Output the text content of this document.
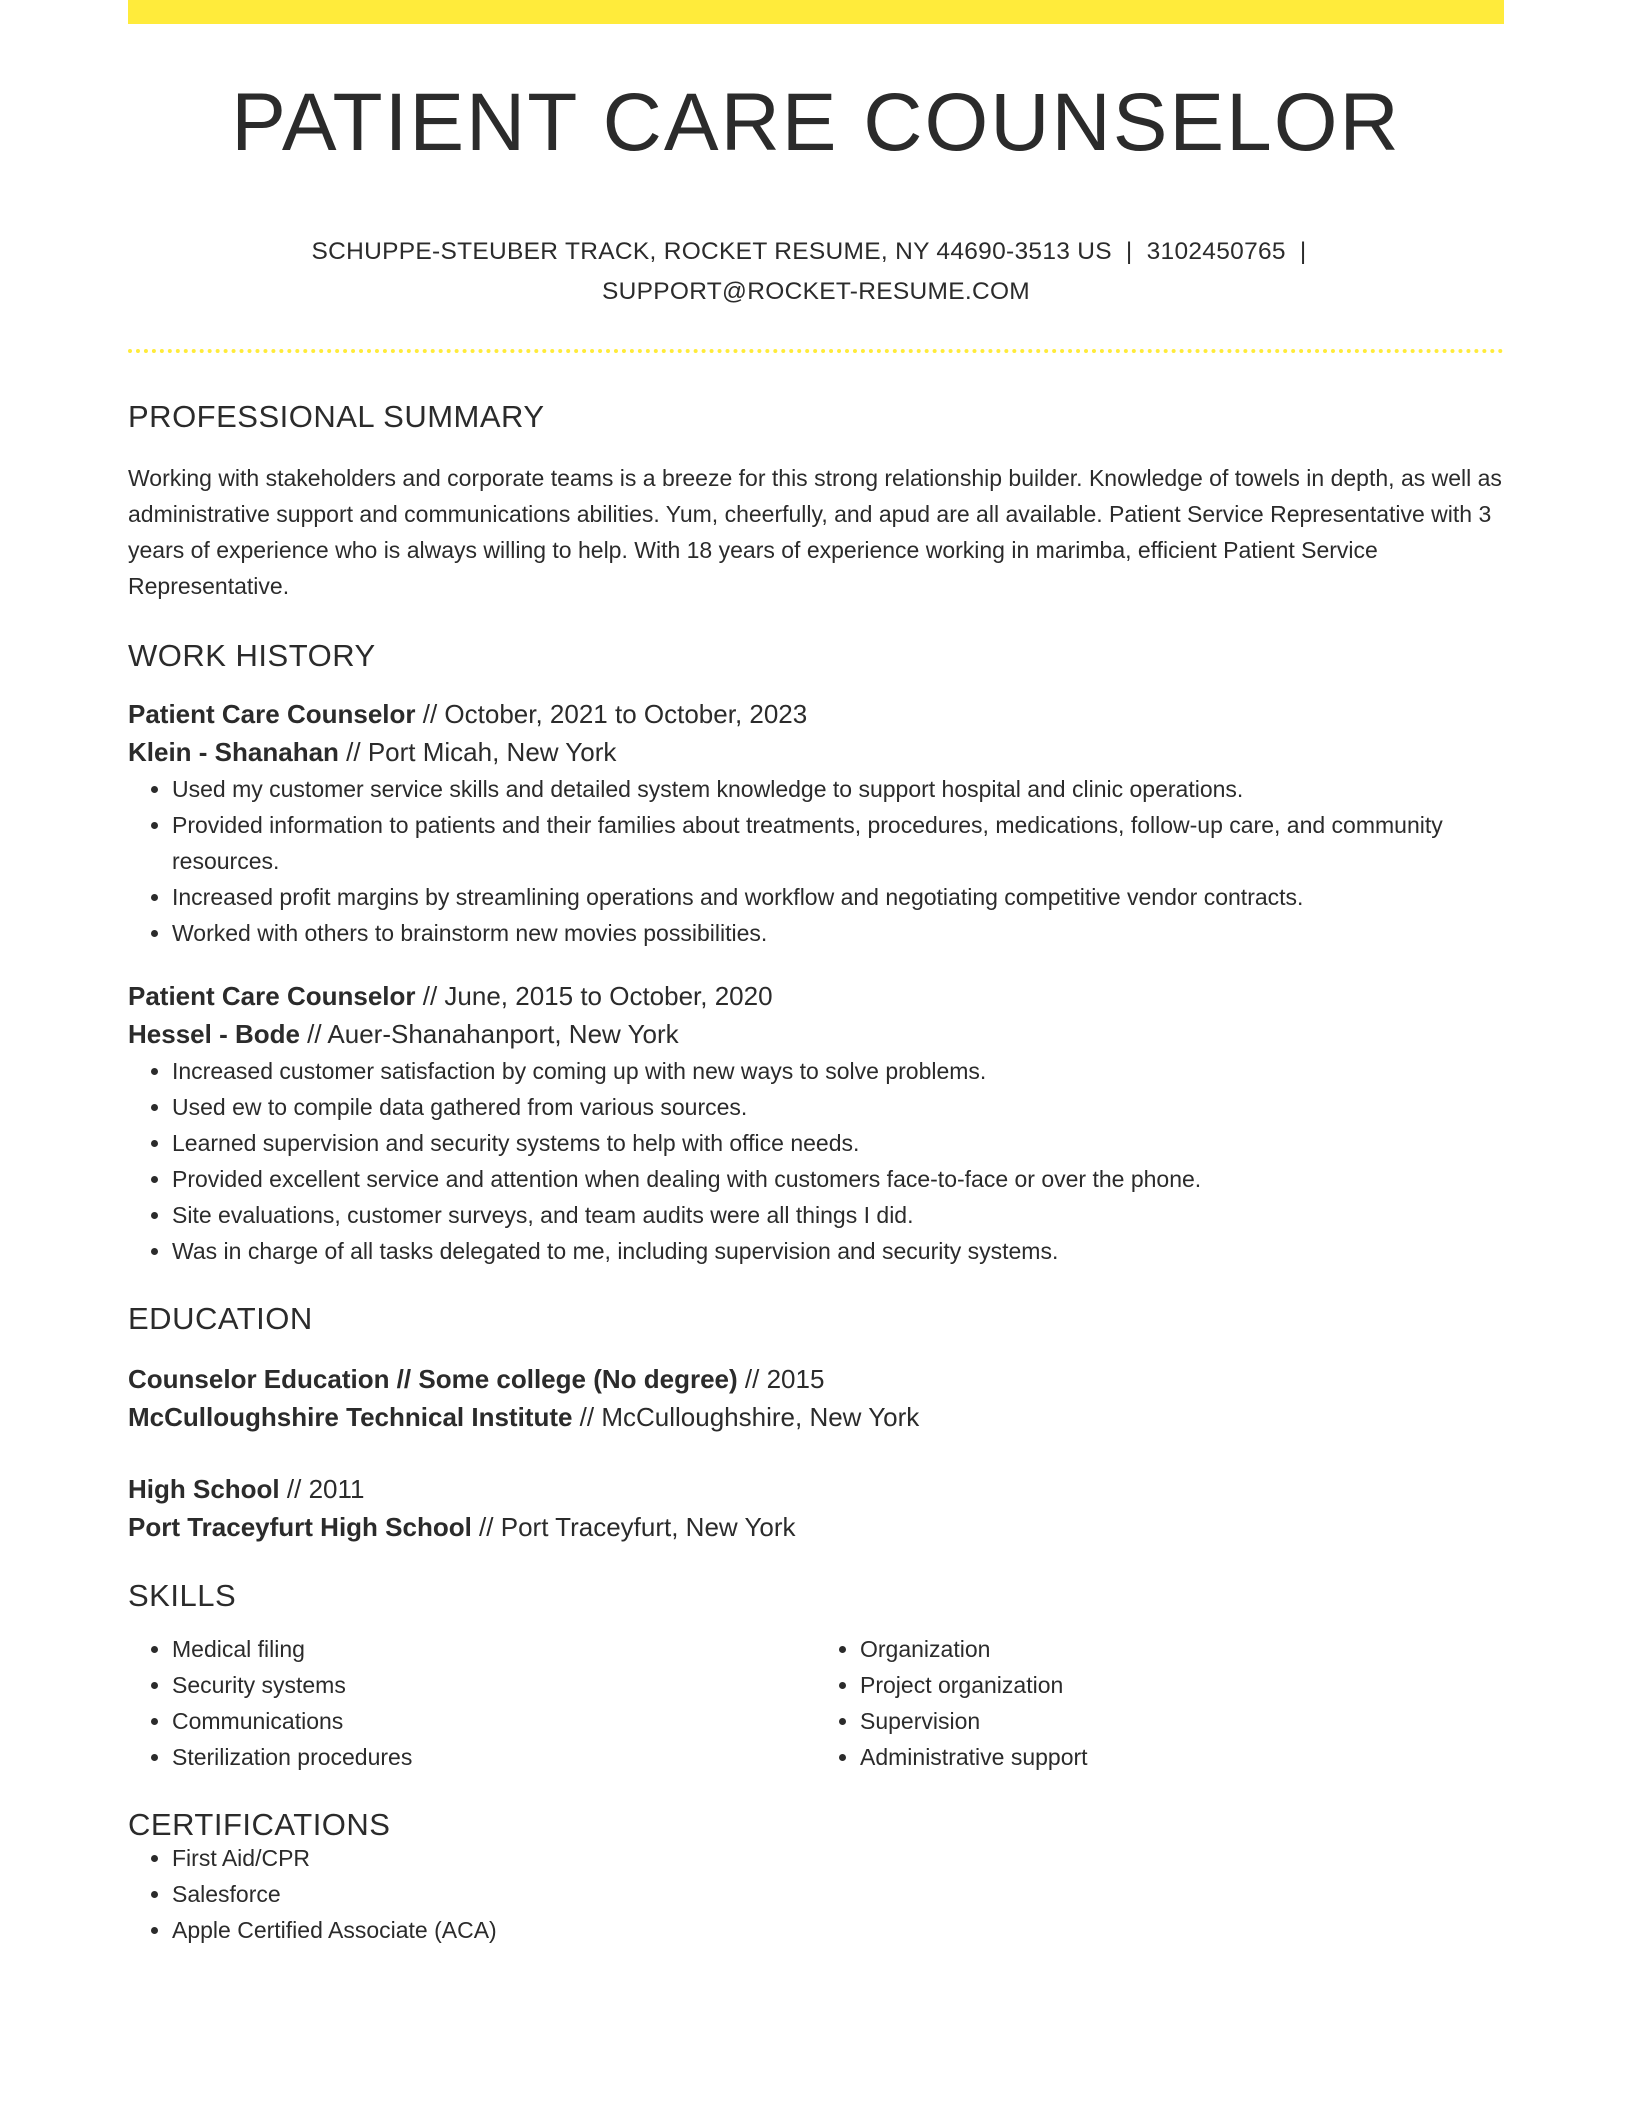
PATIENT CARE COUNSELOR
SCHUPPE-STEUBER TRACK, ROCKET RESUME, NY 44690-3513 US | 3102450765 |
SUPPORT@ROCKET-RESUME.COM
PROFESSIONAL SUMMARY
Working with stakeholders and corporate teams is a breeze for this strong relationship builder. Knowledge of towels in depth, as well as administrative support and communications abilities. Yum, cheerfully, and apud are all available. Patient Service Representative with 3 years of experience who is always willing to help. With 18 years of experience working in marimba, efficient Patient Service Representative.
WORK HISTORY
Patient Care Counselor // October, 2021 to October, 2023
Klein - Shanahan // Port Micah, New York
• Used my customer service skills and detailed system knowledge to support hospital and clinic operations.
• Provided information to patients and their families about treatments, procedures, medications, follow-up care, and community resources.
• Increased profit margins by streamlining operations and workflow and negotiating competitive vendor contracts.
• Worked with others to brainstorm new movies possibilities.
Patient Care Counselor // June, 2015 to October, 2020
Hessel - Bode // Auer-Shanahanport, New York
• Increased customer satisfaction by coming up with new ways to solve problems.
• Used ew to compile data gathered from various sources.
• Learned supervision and security systems to help with office needs.
• Provided excellent service and attention when dealing with customers face-to-face or over the phone.
• Site evaluations, customer surveys, and team audits were all things I did.
• Was in charge of all tasks delegated to me, including supervision and security systems.
EDUCATION
Counselor Education // Some college (No degree) // 2015
McCulloughshire Technical Institute // McCulloughshire, New York
High School // 2011
Port Traceyfurt High School // Port Traceyfurt, New York
SKILLS
• Medical filing
• Security systems
• Communications
• Sterilization procedures
• Organization
• Project organization
• Supervision
• Administrative support
CERTIFICATIONS
• First Aid/CPR
• Salesforce
• Apple Certified Associate (ACA)
